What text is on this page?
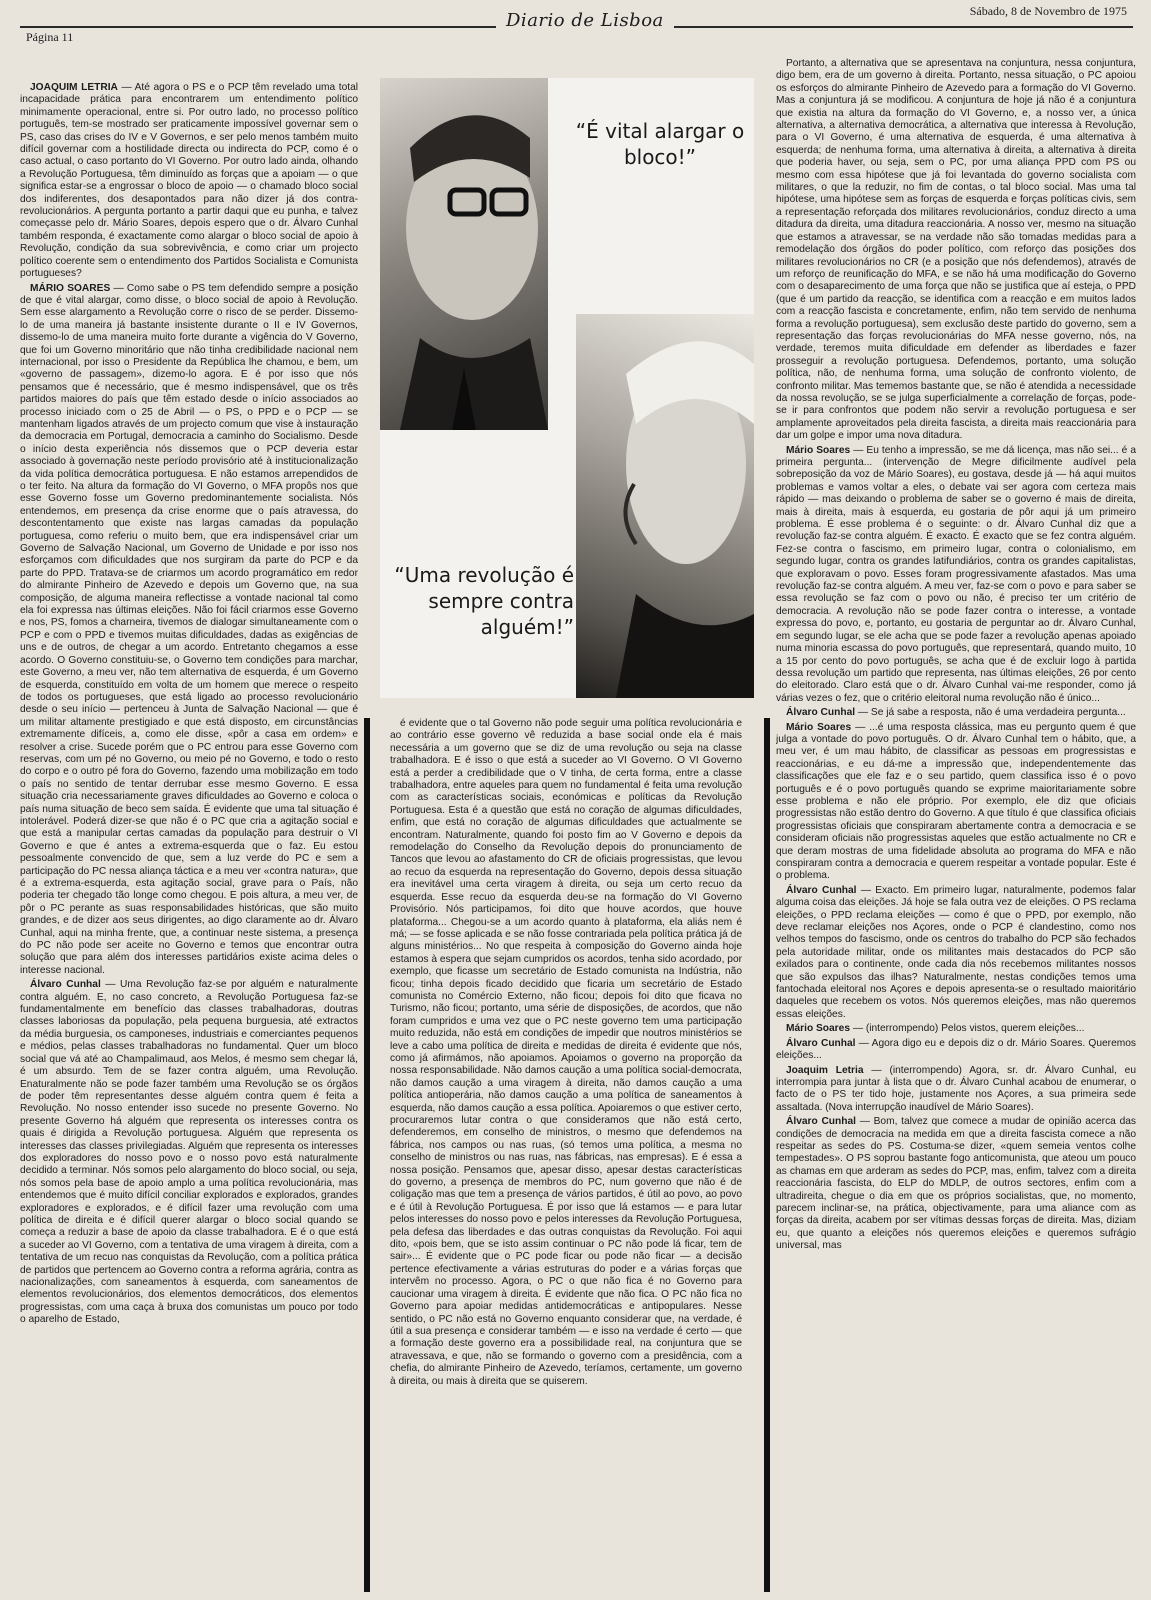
Diario de Lisboa	Sábado, 8 de Novembro de 1975
Página 11

JOAQUIM LETRIA — Até agora o PS e o PCP têm revelado uma total incapacidade prática para encontrarem um entendimento político minimamente operacional, entre si. Por outro lado, no processo político português, tem-se mostrado ser praticamente impossível governar sem o PS, caso das crises do IV e V Governos, e ser pelo menos também muito difícil governar com a hostilidade directa ou indirecta do PCP, como é o caso actual, o caso portanto do VI Governo. Por outro lado ainda, olhando a Revolução Portuguesa, têm diminuído as forças que a apoiam — o que significa estar-se a engrossar o bloco de apoio — o chamado bloco social dos indiferentes, dos desapontados para não dizer já dos contra-revolucionários. A pergunta portanto a partir daqui que eu punha, e talvez começasse pelo dr. Mário Soares, depois espero que o dr. Álvaro Cunhal também responda, é exactamente como alargar o bloco social de apoio à Revolução, condição da sua sobrevivência, e como criar um projecto político coerente sem o entendimento dos Partidos Socialista e Comunista portugueses?

MÁRIO SOARES — Como sabe o PS tem defendido sempre a posição de que é vital alargar, como disse, o bloco social de apoio à Revolução. Sem esse alargamento a Revolução corre o risco de se perder. Dissemo-lo de uma maneira já bastante insistente durante o II e IV Governos, dissemo-lo de uma maneira muito forte durante a vigência do V Governo, que foi um Governo minoritário que não tinha credibilidade nacional nem internacional, por isso o Presidente da República lhe chamou, e bem, um «governo de passagem», dizemo-lo agora. E é por isso que nós pensamos que é necessário, que é mesmo indispensável, que os três partidos maiores do país que têm estado desde o início associados ao processo iniciado com o 25 de Abril — o PS, o PPD e o PCP — se mantenham ligados através de um projecto comum que vise à instauração da democracia em Portugal, democracia a caminho do Socialismo. Desde o início desta experiência nós dissemos que o PCP deveria estar associado à governação neste período provisório até à institucionalização da vida política democrática portuguesa. E não estamos arrependidos de o ter feito. Na altura da formação do VI Governo, o MFA propôs nos que esse Governo fosse um Governo predominantemente socialista. Nós entendemos, em presença da crise enorme que o país atravessa, do descontentamento que existe nas largas camadas da população portuguesa, como referiu o muito bem, que era indispensável criar um Governo de Salvação Nacional, um Governo de Unidade e por isso nos esforçamos com dificuldades que nos surgiram da parte do PCP e da parte do PPD. Tratava-se de criarmos um acordo programático em redor do almirante Pinheiro de Azevedo e depois um Governo que, na sua composição, de alguma maneira reflectisse a vontade nacional tal como ela foi expressa nas últimas eleições. Não foi fácil criarmos esse Governo e nos, PS, fomos a charneira, tivemos de dialogar simultaneamente com o PCP e com o PPD e tivemos muitas dificuldades, dadas as exigências de uns e de outros, de chegar a um acordo. Entretanto chegamos a esse acordo. O Governo constituiu-se, o Governo tem condições para marchar, este Governo, a meu ver, não tem alternativa de esquerda, é um Governo de esquerda, constituído em volta de um homem que merece o respeito de todos os portugueses, que está ligado ao processo revolucionário desde o seu início — pertenceu à Junta de Salvação Nacional — que é um militar altamente prestigiado e que está disposto, em circunstâncias extremamente difíceis, a, como ele disse, «pôr a casa em ordem» e resolver a crise. Sucede porém que o PC entrou para esse Governo com reservas, com um pé no Governo, ou meio pé no Governo, e todo o resto do corpo e o outro pé fora do Governo, fazendo uma mobilização em todo o país no sentido de tentar derrubar esse mesmo Governo. E essa situação cria necessariamente graves dificuldades ao Governo e coloca o país numa situação de beco sem saída. É evidente que uma tal situação é intolerável. Poderá dizer-se que não é o PC que cria a agitação social e que está a manipular certas camadas da população para destruir o VI Governo e que é antes a extrema-esquerda que o faz. Eu estou pessoalmente convencido de que, sem a luz verde do PC e sem a participação do PC nessa aliança táctica e a meu ver «contra natura», que é a extrema-esquerda, esta agitação social, grave para o País, não poderia ter chegado tão longe como chegou. E pois altura, a meu ver, de pôr o PC perante as suas responsabilidades históricas, que são muito grandes, e de dizer aos seus dirigentes, ao digo claramente ao dr. Álvaro Cunhal, aqui na minha frente, que, a continuar neste sistema, a presença do PC não pode ser aceite no Governo e temos que encontrar outra solução que para além dos interesses partidários existe acima deles o interesse nacional.

Álvaro Cunhal — Uma Revolução faz-se por alguém e naturalmente contra alguém. E, no caso concreto, a Revolução Portuguesa faz-se fundamentalmente em benefício das classes trabalhadoras, doutras classes laboriosas da população, pela pequena burguesia, até extractos da média burguesia, os camponeses, industriais e comerciantes pequenos e médios, pelas classes trabalhadoras no fundamental. Quer um bloco social que vá até ao Champalimaud, aos Melos, é mesmo sem chegar lá, é um absurdo. Tem de se fazer contra alguém, uma Revolução. Enaturalmente não se pode fazer também uma Revolução se os órgãos de poder têm representantes desse alguém contra quem é feita a Revolução. No nosso entender isso sucede no presente Governo. No presente Governo há alguém que representa os interesses contra os quais é dirigida a Revolução portuguesa. Alguém que representa os interesses das classes privilegiadas. Alguém que representa os interesses dos exploradores do nosso povo e o nosso povo está naturalmente decidido a terminar. Nós somos pelo alargamento do bloco social, ou seja, nós somos pela base de apoio amplo a uma política revolucionária, mas entendemos que é muito difícil conciliar explorados e explorados, grandes exploradores e explorados, e é difícil fazer uma revolução com uma política de direita e é difícil querer alargar o bloco social quando se começa a reduzir a base de apoio da classe trabalhadora. E é o que está a suceder ao VI Governo, com a tentativa de uma viragem à direita, com a tentativa de um recuo nas conquistas da Revolução, com a política prática de partidos que pertencem ao Governo contra a reforma agrária, contra as nacionalizações, com saneamentos à esquerda, com saneamentos de elementos revolucionários, dos elementos democráticos, dos elementos progressistas, com uma caça à bruxa dos comunistas um pouco por todo o aparelho de Estado,

“É vital alargar o bloco!”
“Uma revolução é sempre contra alguém!”

é evidente que o tal Governo não pode seguir uma política revolucionária e ao contrário esse governo vê reduzida a base social onde ela é mais necessária a um governo que se diz de uma revolução ou seja na classe trabalhadora. E é isso o que está a suceder ao VI Governo. O VI Governo está a perder a credibilidade que o V tinha, de certa forma, entre a classe trabalhadora, entre aqueles para quem no fundamental é feita uma revolução com as características sociais, económicas e políticas da Revolução Portuguesa. Esta é a questão que está no coração de algumas dificuldades, enfim, que está no coração de algumas dificuldades que actualmente se encontram. Naturalmente, quando foi posto fim ao V Governo e depois da remodelação do Conselho da Revolução depois do pronunciamento de Tancos que levou ao afastamento do CR de oficiais progressistas, que levou ao recuo da esquerda na representação do Governo, depois dessa situação era inevitável uma certa viragem à direita, ou seja um certo recuo da esquerda. Esse recuo da esquerda deu-se na formação do VI Governo Provisório. Nós participamos, foi dito que houve acordos, que houve plataforma... Chegou-se a um acordo quanto à plataforma, ela aliás nem é má; — se fosse aplicada e se não fosse contrariada pela política prática já de alguns ministérios... No que respeita à composição do Governo ainda hoje estamos à espera que sejam cumpridos os acordos, tenha sido acordado, por exemplo, que ficasse um secretário de Estado comunista na Indústria, não ficou; tinha depois ficado decidido que ficaria um secretário de Estado comunista no Comércio Externo, não ficou; depois foi dito que ficava no Turismo, não ficou; portanto, uma série de disposições, de acordos, que não foram cumpridos e uma vez que o PC neste governo tem uma participação muito reduzida, não está em condições de impedir que noutros ministérios se leve a cabo uma política de direita e medidas de direita é evidente que nós, como já afirmámos, não apoiamos. Apoiamos o governo na proporção da nossa responsabilidade. Não damos caução a uma política social-democrata, não damos caução a uma viragem à direita, não damos caução a uma política antioperária, não damos caução a uma política de saneamentos à esquerda, não damos caução a essa política. Apoiaremos o que estiver certo, procuraremos lutar contra o que consideramos que não está certo, defenderemos, em conselho de ministros, o mesmo que defendemos na fábrica, nos campos ou nas ruas, (só temos uma política, a mesma no conselho de ministros ou nas ruas, nas fábricas, nas empresas). E é essa a nossa posição. Pensamos que, apesar disso, apesar destas características do governo, a presença de membros do PC, num governo que não é de coligação mas que tem a presença de vários partidos, é útil ao povo, ao povo e é útil à Revolução Portuguesa. É por isso que lá estamos — e para lutar pelos interesses do nosso povo e pelos interesses da Revolução Portuguesa, pela defesa das liberdades e das outras conquistas da Revolução. Foi aqui dito, «pois bem, que se isto assim continuar o PC não pode lá ficar, tem de sair»... É evidente que o PC pode ficar ou pode não ficar — a decisão pertence efectivamente a várias estruturas do poder e a várias forças que intervêm no processo. Agora, o PC o que não fica é no Governo para caucionar uma viragem à direita. É evidente que não fica. O PC não fica no Governo para apoiar medidas antidemocráticas e antipopulares. Nesse sentido, o PC não está no Governo enquanto considerar que, na verdade, é útil a sua presença e considerar também — e isso na verdade é certo — que a formação deste governo era a possibilidade real, na conjuntura que se atravessava, e que, não se formando o governo com a presidência, com a chefia, do almirante Pinheiro de Azevedo, teríamos, certamente, um governo à direita, ou mais à direita que se quiserem.

Portanto, a alternativa que se apresentava na conjuntura, nessa conjuntura, digo bem, era de um governo à direita. Portanto, nessa situação, o PC apoiou os esforços do almirante Pinheiro de Azevedo para a formação do VI Governo. Mas a conjuntura já se modificou. A conjuntura de hoje já não é a conjuntura que existia na altura da formação do VI Governo, e, a nosso ver, a única alternativa, a alternativa democrática, a alternativa que interessa à Revolução, para o VI Governo, é uma alternativa de esquerda, é uma alternativa à esquerda; de nenhuma forma, uma alternativa à direita, a alternativa à direita que poderia haver, ou seja, sem o PC, por uma aliança PPD com PS ou mesmo com essa hipótese que já foi levantada do governo socialista com militares, o que la reduzir, no fim de contas, o tal bloco social. Mas uma tal hipótese, uma hipótese sem as forças de esquerda e forças políticas civis, sem a representação reforçada dos militares revolucionários, conduz directo a uma ditadura da direita, uma ditadura reaccionária. A nosso ver, mesmo na situação que estamos a atravessar, se na verdade não são tomadas medidas para a remodelação dos órgãos do poder político, com reforço das posições dos militares revolucionários no CR (e a posição que nós defendemos), através de um reforço de reunificação do MFA, e se não há uma modificação do Governo com o desaparecimento de uma força que não se justifica que aí esteja, o PPD (que é um partido da reacção, se identifica com a reacção e em muitos lados com a reacção fascista e concretamente, enfim, não tem servido de nenhuma forma a revolução portuguesa), sem exclusão deste partido do governo, sem a representação das forças revolucionárias do MFA nesse governo, nós, na verdade, teremos muita dificuldade em defender as liberdades e fazer prosseguir a revolução portuguesa. Defendemos, portanto, uma solução política, não, de nenhuma forma, uma solução de confronto violento, de confronto militar. Mas tememos bastante que, se não é atendida a necessidade da nossa revolução, se se julga superficialmente a correlação de forças, pode-se ir para confrontos que podem não servir a revolução portuguesa e ser amplamente aproveitados pela direita fascista, a direita mais reaccionária para dar um golpe e impor uma nova ditadura.

Mário Soares — Eu tenho a impressão, se me dá licença, mas não sei... é a primeira pergunta... (intervenção de Megre dificilmente audível pela sobreposição da voz de Mário Soares), eu gostava, desde já — há aqui muitos problemas e vamos voltar a eles, o debate vai ser agora com certeza mais rápido — mas deixando o problema de saber se o governo é mais de direita, mais à direita, mais à esquerda, eu gostaria de pôr aqui já um primeiro problema. É esse problema é o seguinte: o dr. Álvaro Cunhal diz que a revolução faz-se contra alguém. É exacto. É exacto que se fez contra alguém. Fez-se contra o fascismo, em primeiro lugar, contra o colonialismo, em segundo lugar, contra os grandes latifundiários, contra os grandes capitalistas, que exploravam o povo. Esses foram progressivamente afastados. Mas uma revolução faz-se contra alguém. A meu ver, faz-se com o povo e para saber se essa revolução se faz com o povo ou não, é preciso ter um critério de democracia. A revolução não se pode fazer contra o interesse, a vontade expressa do povo, e, portanto, eu gostaria de perguntar ao dr. Álvaro Cunhal, em segundo lugar, se ele acha que se pode fazer a revolução apenas apoiado numa minoria escassa do povo português, que representará, quando muito, 10 a 15 por cento do povo português, se acha que é de excluir logo à partida dessa revolução um partido que representa, nas últimas eleições, 26 por cento do eleitorado. Claro está que o dr. Álvaro Cunhal vai-me responder, como já várias vezes o fez, que o critério eleitoral numa revolução não é único...

Álvaro Cunhal — Se já sabe a resposta, não é uma verdadeira pergunta...

Mário Soares — ...é uma resposta clássica, mas eu pergunto quem é que julga a vontade do povo português. O dr. Álvaro Cunhal tem o hábito, que, a meu ver, é um mau hábito, de classificar as pessoas em progressistas e reaccionárias, e eu dá-me a impressão que, independentemente das classificações que ele faz e o seu partido, quem classifica isso é o povo português e é o povo português quando se exprime maioritariamente sobre esse problema e não ele próprio. Por exemplo, ele diz que oficiais progressistas não estão dentro do Governo. A que título é que classifica oficiais progressistas oficiais que conspiraram abertamente contra a democracia e se consideram oficiais não progressistas aqueles que estão actualmente no CR e que deram mostras de uma fidelidade absoluta ao programa do MFA e não conspiraram contra a democracia e querem respeitar a vontade popular. Este é o problema.

Álvaro Cunhal — Exacto. Em primeiro lugar, naturalmente, podemos falar alguma coisa das eleições. Já hoje se fala outra vez de eleições. O PS reclama eleições, o PPD reclama eleições — como é que o PPD, por exemplo, não deve reclamar eleições nos Açores, onde o PCP é clandestino, como nos velhos tempos do fascismo, onde os centros do trabalho do PCP são fechados pela autoridade militar, onde os militantes mais destacados do PCP são exilados para o continente, onde cada dia nós recebemos militantes nossos que são expulsos das ilhas? Naturalmente, nestas condições temos uma fantochada eleitoral nos Açores e depois apresenta-se o resultado maioritário daqueles que recebem os votos. Nós queremos eleições, mas não queremos essas eleições.

Mário Soares — (interrompendo) Pelos vistos, querem eleições...

Álvaro Cunhal — Agora digo eu e depois diz o dr. Mário Soares. Queremos eleições...

Joaquim Letria — (interrompendo) Agora, sr. dr. Álvaro Cunhal, eu interrompia para juntar à lista que o dr. Álvaro Cunhal acabou de enumerar, o facto de o PS ter tido hoje, justamente nos Açores, a sua primeira sede assaltada. (Nova interrupção inaudível de Mário Soares).

Álvaro Cunhal — Bom, talvez que comece a mudar de opinião acerca das condições de democracia na medida em que a direita fascista comece a não respeitar as sedes do PS. Costuma-se dizer, «quem semeia ventos colhe tempestades». O PS soprou bastante fogo anticomunista, que ateou um pouco as chamas em que arderam as sedes do PCP, mas, enfim, talvez com a direita reaccionária fascista, do ELP do MDLP, de outros sectores, enfim com a ultradireita, chegue o dia em que os próprios socialistas, que, no momento, parecem inclinar-se, na prática, objectivamente, para uma aliance com as forças da direita, acabem por ser vítimas dessas forças de direita. Mas, diziam eu, que quanto a eleições nós queremos eleições e queremos sufrágio universal, mas
